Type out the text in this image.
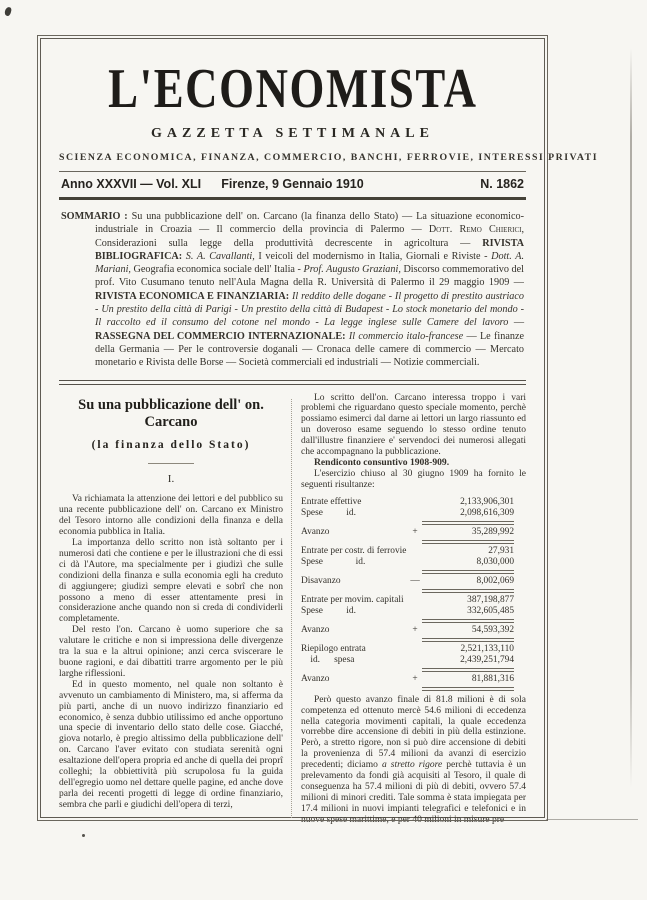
L'ECONOMISTA
GAZZETTA SETTIMANALE
SCIENZA ECONOMICA, FINANZA, COMMERCIO, BANCHI, FERROVIE, INTERESSI PRIVATI
Anno XXXVII — Vol. XLI	Firenze, 9 Gennaio 1910	N. 1862
SOMMARIO : Su una pubblicazione dell' on. Carcano (la finanza dello Stato) — La situazione economico-industriale in Croazia — Il commercio della provincia di Palermo — Dott. Remo Chierici, Considerazioni sulla legge della produttività decrescente in agricoltura — RIVISTA BIBLIOGRAFICA: S. A. Cavallanti, I veicoli del modernismo in Italia, Giornali e Riviste - Dott. A. Mariani, Geografia economica sociale dell' Italia - Prof. Augusto Graziani, Discorso commemorativo del prof. Vito Cusumano tenuto nell'Aula Magna della R. Università di Palermo il 29 maggio 1909 — RIVISTA ECONOMICA E FINANZIARIA: Il reddito delle dogane - Il progetto di prestito austriaco - Un prestito della città di Parigi - Un prestito della città di Budapest - Lo stock monetario del mondo - Il raccolto ed il consumo del cotone nel mondo - La legge inglese sulle Camere del lavoro — RASSEGNA DEL COMMERCIO INTERNAZIONALE: Il commercio italo-francese — Le finanze della Germania — Per le controversie doganali — Cronaca delle camere di commercio — Mercato monetario e Rivista delle Borse — Società commerciali ed industriali — Notizie commerciali.
Su una pubblicazione dell' on. Carcano
(la finanza dello Stato)
I.

Va richiamata la attenzione dei lettori e del pubblico su una recente pubblicazione dell' on. Carcano ex Ministro del Tesoro intorno alle condizioni della finanza e della economia pubblica in Italia.

La importanza dello scritto non istà soltanto per i numerosi dati che contiene e per le illustrazioni che di essi ci dà l'Autore, ma specialmente per i giudizì che sulle condizioni della finanza e sulla economia egli ha creduto di aggiungere; giudizì sempre elevati e sobrî che non possono a meno di esser attentamente presi in considerazione anche quando non si creda di condividerli completamente.

Del resto l'on. Carcano è uomo superiore che sa valutare le critiche e non si impressiona delle divergenze tra la sua e la altrui opinione; anzi cerca sviscerare le buone ragioni, e dai dibattiti trarre argomento per le più larghe riflessioni.

Ed in questo momento, nel quale non soltanto è avvenuto un cambiamento di Ministero, ma, si afferma da più parti, anche di un nuovo indirizzo finanziario ed economico, è senza dubbio utilissimo ed anche opportuno una specie di inventario dello stato delle cose. Giacché, giova notarlo, è pregio altissimo della pubblicazione dell' on. Carcano l'aver evitato con studiata serenità ogni esaltazione dell'opera propria ed anche di quella dei proprî colleghi; la obbiettività più scrupolosa fu la guida dell'egregio uomo nel dettare quelle pagine, ed anche dove parla dei recenti progetti di legge di ordine finanziario, sembra che parli e giudichi dell'opera di terzi,

Lo scritto dell'on. Carcano interessa troppo i vari problemi che riguardano questo speciale momento, perchè possiamo esimerci dal darne ai lettori un largo riassunto ed un doveroso esame seguendo lo stesso ordine tenuto dall'illustre finanziere e' servendoci dei numerosi allegati che accompagnano la pubblicazione.

Rendiconto consuntivo 1908-909.

L'esercizio chiuso al 30 giugno 1909 ha fornito le seguenti risultanze:

Entrate effettive	2,133,906,301
Spese   id.	2,098,616,309
Avanzo	+	35,289,992
Entrate per costr. di ferrovie	27,931
Spese    id.	8,030,000
Disavanzo	—	8,002,069
Entrate per movim. capitali	387,198,877
Spese   id.	332,605,485
Avanzo	+	54,593,392
Riepilogo entrata	2,521,133,110
  id.  spesa	2,439,251,794
Avanzo	+	81,881,316

Però questo avanzo finale di 81.8 milioni è di sola competenza ed ottenuto mercè 54.6 milioni di eccedenza nella categoria movimenti capitali, la quale eccedenza vorrebbe dire accensione di debiti in più della estinzione. Però, a stretto rigore, non si può dire accensione di debiti la provenienza di 57.4 milioni da avanzi di esercizio precedenti; diciamo a stretto rigore perchè tuttavia è un prelevamento da fondi già acquisiti al Tesoro, il quale di conseguenza ha 57.4 milioni di più di debiti, ovvero 57.4 milioni di minori crediti. Tale somma è stata impiegata per 17.4 milioni in nuovi impianti telegrafici e telefonici e in nuove spese marittime, e per 40 milioni in misure pre
